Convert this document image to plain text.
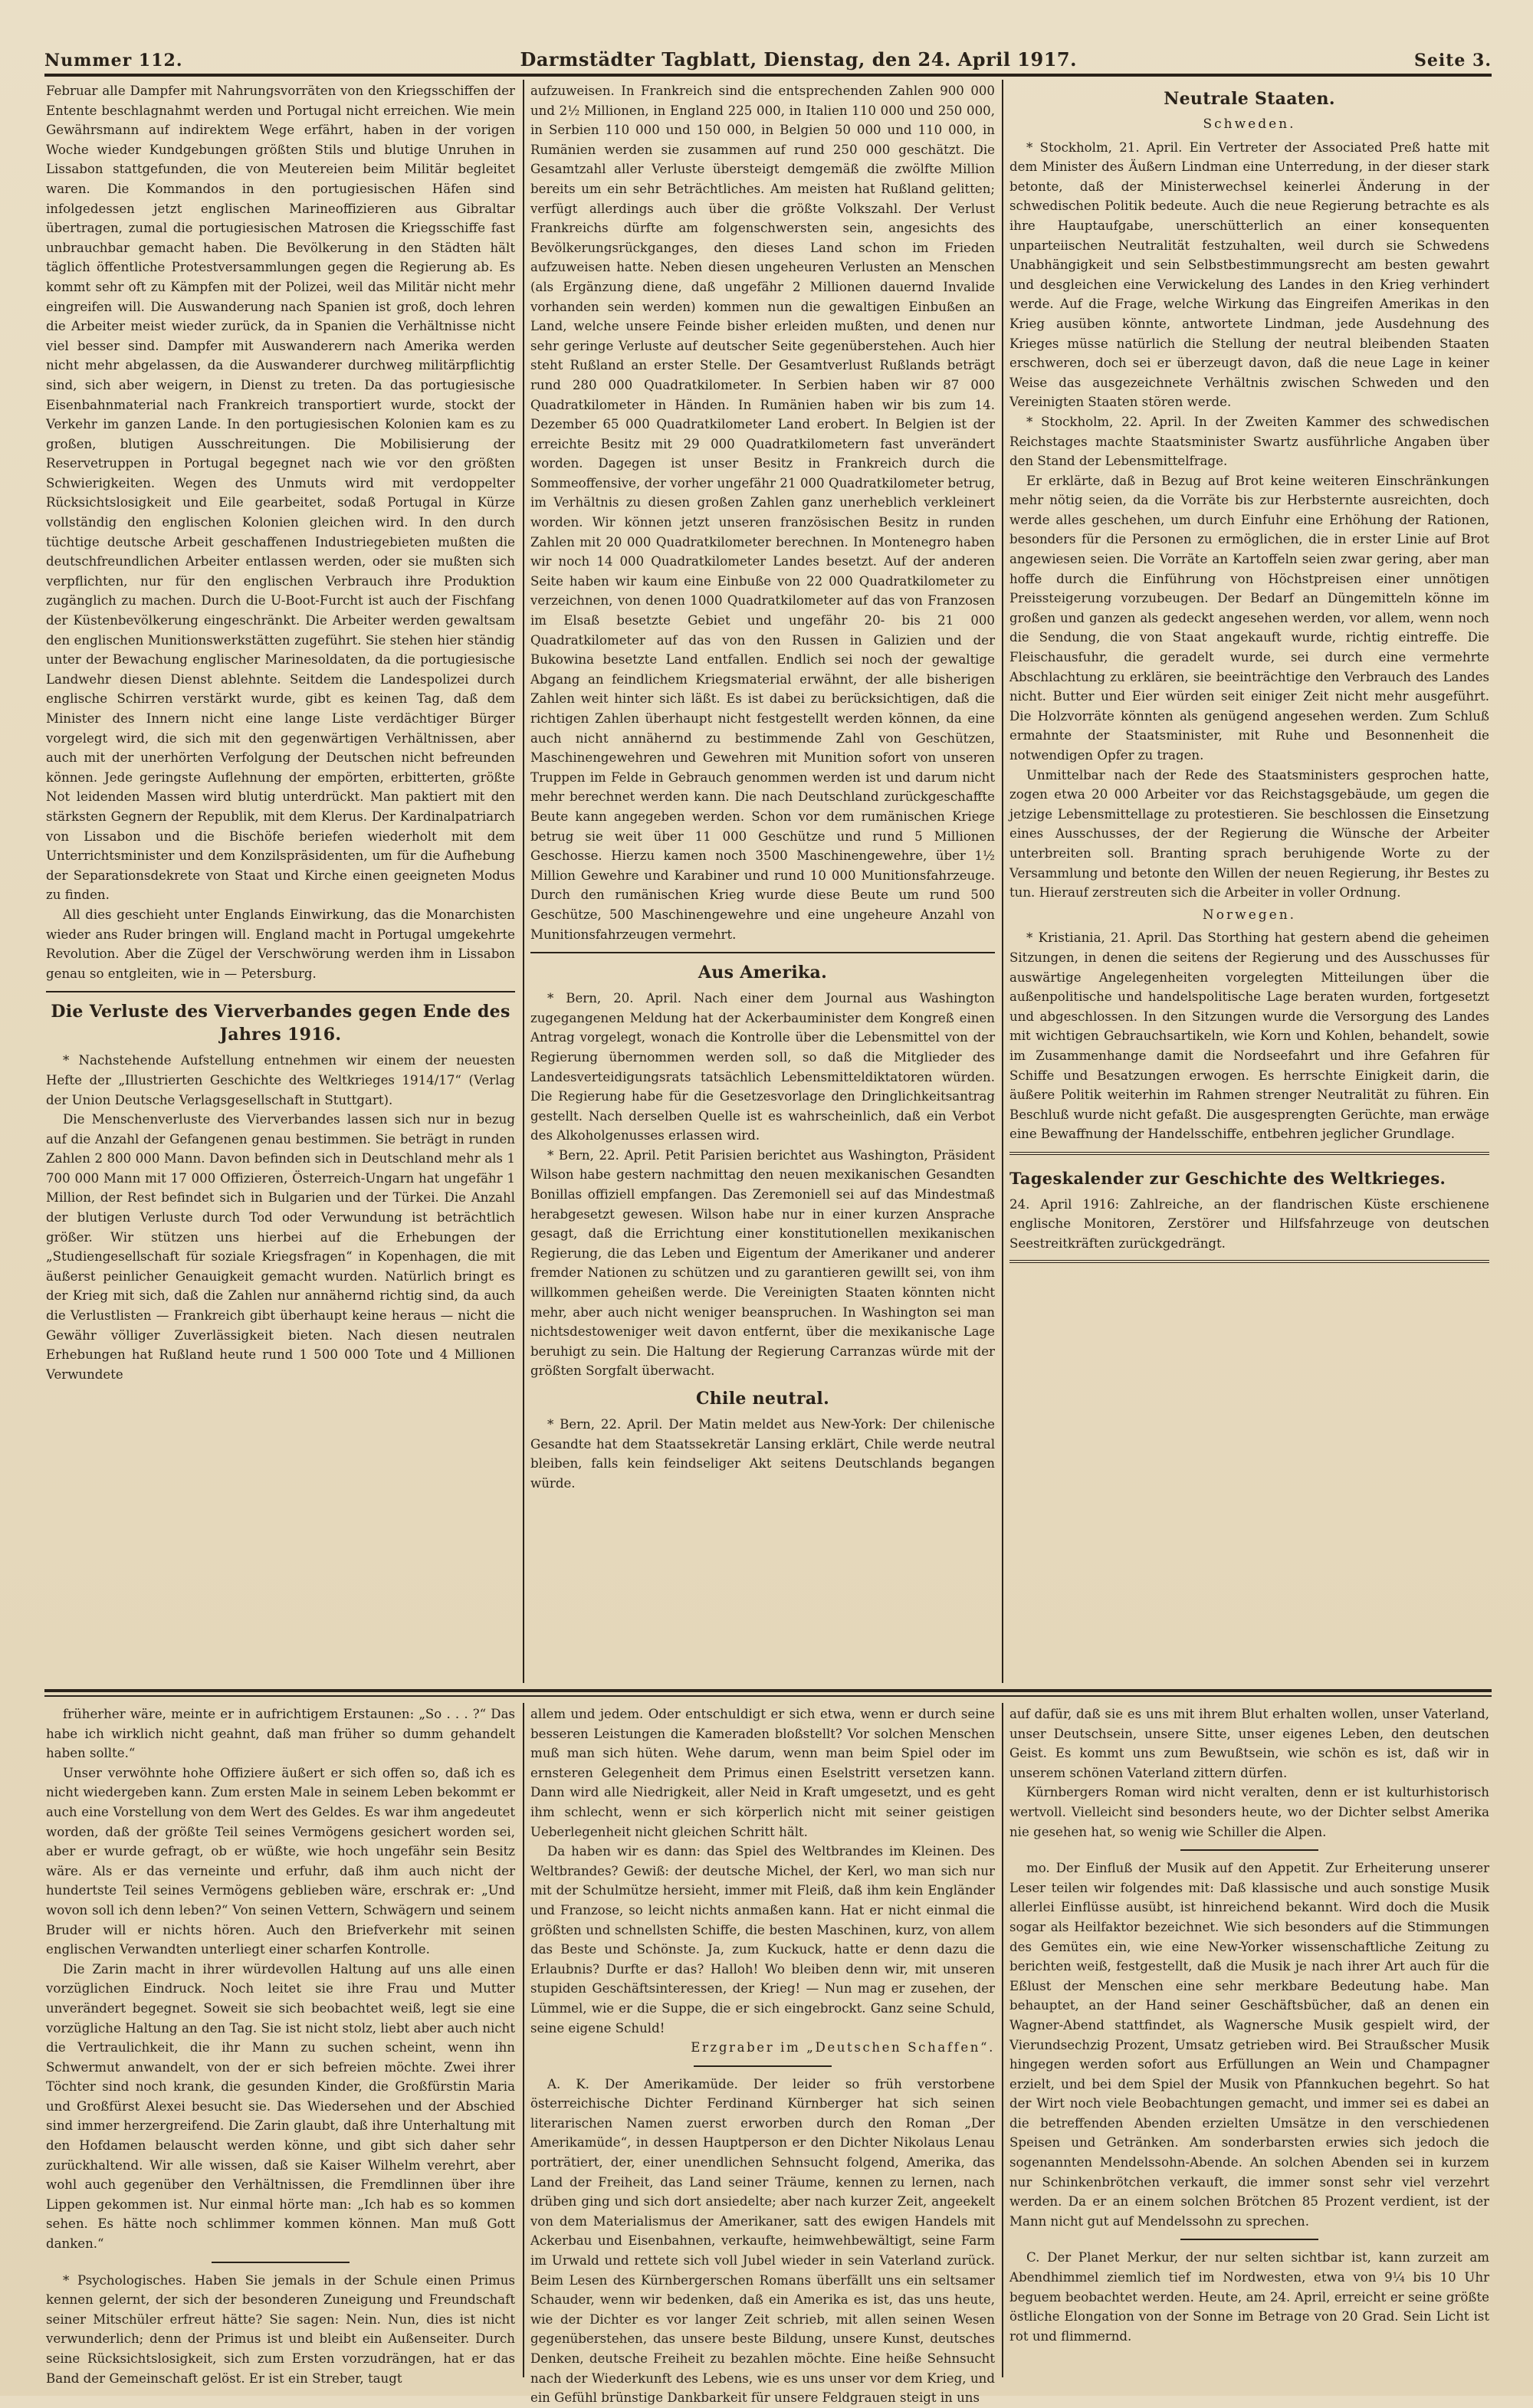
Nummer 112.	Darmstädter Tagblatt, Dienstag, den 24. April 1917.	Seite 3.

Februar alle Dampfer mit Nahrungsvorräten von den Kriegsschiffen der Entente beschlagnahmt werden und Portugal nicht erreichen. Wie mein Gewährsmann auf indirektem Wege erfährt, haben in der vorigen Woche wieder Kundgebungen größten Stils und blutige Unruhen in Lissabon stattgefunden, die von Meutereien beim Militär begleitet waren. Die Kommandos in den portugiesischen Häfen sind infolgedessen jetzt englischen Marineoffizieren aus Gibraltar übertragen, zumal die portugiesischen Matrosen die Kriegsschiffe fast unbrauchbar gemacht haben. Die Bevölkerung in den Städten hält täglich öffentliche Protestversammlungen gegen die Regierung ab. Es kommt sehr oft zu Kämpfen mit der Polizei, weil das Militär nicht mehr eingreifen will. Die Auswanderung nach Spanien ist groß, doch lehren die Arbeiter meist wieder zurück, da in Spanien die Verhältnisse nicht viel besser sind. Dampfer mit Auswanderern nach Amerika werden nicht mehr abgelassen, da die Auswanderer durchweg militärpflichtig sind, sich aber weigern, in Dienst zu treten. Da das portugiesische Eisenbahnmaterial nach Frankreich transportiert wurde, stockt der Verkehr im ganzen Lande. In den portugiesischen Kolonien kam es zu großen, blutigen Ausschreitungen. Die Mobilisierung der Reservetruppen in Portugal begegnet nach wie vor den größten Schwierigkeiten. Wegen des Unmuts wird mit verdoppelter Rücksichtslosigkeit und Eile gearbeitet, sodaß Portugal in Kürze vollständig den englischen Kolonien gleichen wird. In den durch tüchtige deutsche Arbeit geschaffenen Industriegebieten mußten die deutschfreundlichen Arbeiter entlassen werden, oder sie mußten sich verpflichten, nur für den englischen Verbrauch ihre Produktion zugänglich zu machen. Durch die U-Boot-Furcht ist auch der Fischfang der Küstenbevölkerung eingeschränkt. Die Arbeiter werden gewaltsam den englischen Munitionswerkstätten zugeführt. Sie stehen hier ständig unter der Bewachung englischer Marinesoldaten, da die portugiesische Landwehr diesen Dienst ablehnte. Seitdem die Landespolizei durch englische Schirren verstärkt wurde, gibt es keinen Tag, daß dem Minister des Innern nicht eine lange Liste verdächtiger Bürger vorgelegt wird, die sich mit den gegenwärtigen Verhältnissen, aber auch mit der unerhörten Verfolgung der Deutschen nicht befreunden können. Jede geringste Auflehnung der empörten, erbitterten, größte Not leidenden Massen wird blutig unterdrückt. Man paktiert mit den stärksten Gegnern der Republik, mit dem Klerus. Der Kardinalpatriarch von Lissabon und die Bischöfe beriefen wiederholt mit dem Unterrichtsminister und dem Konzilspräsidenten, um für die Aufhebung der Separationsdekrete von Staat und Kirche einen geeigneten Modus zu finden.

All dies geschieht unter Englands Einwirkung, das die Monarchisten wieder ans Ruder bringen will. England macht in Portugal umgekehrte Revolution. Aber die Zügel der Verschwörung werden ihm in Lissabon genau so entgleiten, wie in — Petersburg.

Die Verluste des Vierverbandes gegen Ende des Jahres 1916.

* Nachstehende Aufstellung entnehmen wir einem der neuesten Hefte der „Illustrierten Geschichte des Weltkrieges 1914/17“ (Verlag der Union Deutsche Verlagsgesellschaft in Stuttgart).

Die Menschenverluste des Vierverbandes lassen sich nur in bezug auf die Anzahl der Gefangenen genau bestimmen. Sie beträgt in runden Zahlen 2 800 000 Mann. Davon befinden sich in Deutschland mehr als 1 700 000 Mann mit 17 000 Offizieren, Österreich-Ungarn hat ungefähr 1 Million, der Rest befindet sich in Bulgarien und der Türkei. Die Anzahl der blutigen Verluste durch Tod oder Verwundung ist beträchtlich größer. Wir stützen uns hierbei auf die Erhebungen der „Studiengesellschaft für soziale Kriegsfragen“ in Kopenhagen, die mit äußerst peinlicher Genauigkeit gemacht wurden. Natürlich bringt es der Krieg mit sich, daß die Zahlen nur annähernd richtig sind, da auch die Verlustlisten — Frankreich gibt überhaupt keine heraus — nicht die Gewähr völliger Zuverlässigkeit bieten. Nach diesen neutralen Erhebungen hat Rußland heute rund 1 500 000 Tote und 4 Millionen Verwundete

aufzuweisen. In Frankreich sind die entsprechenden Zahlen 900 000 und 2½ Millionen, in England 225 000, in Italien 110 000 und 250 000, in Serbien 110 000 und 150 000, in Belgien 50 000 und 110 000, in Rumänien werden sie zusammen auf rund 250 000 geschätzt. Die Gesamtzahl aller Verluste übersteigt demgemäß die zwölfte Million bereits um ein sehr Beträchtliches. Am meisten hat Rußland gelitten; verfügt allerdings auch über die größte Volkszahl. Der Verlust Frankreichs dürfte am folgenschwersten sein, angesichts des Bevölkerungsrückganges, den dieses Land schon im Frieden aufzuweisen hatte. Neben diesen ungeheuren Verlusten an Menschen (als Ergänzung diene, daß ungefähr 2 Millionen dauernd Invalide vorhanden sein werden) kommen nun die gewaltigen Einbußen an Land, welche unsere Feinde bisher erleiden mußten, und denen nur sehr geringe Verluste auf deutscher Seite gegenüberstehen. Auch hier steht Rußland an erster Stelle. Der Gesamtverlust Rußlands beträgt rund 280 000 Quadratkilometer. In Serbien haben wir 87 000 Quadratkilometer in Händen. In Rumänien haben wir bis zum 14. Dezember 65 000 Quadratkilometer Land erobert. In Belgien ist der erreichte Besitz mit 29 000 Quadratkilometern fast unverändert worden. Dagegen ist unser Besitz in Frankreich durch die Sommeoffensive, der vorher ungefähr 21 000 Quadratkilometer betrug, im Verhältnis zu diesen großen Zahlen ganz unerheblich verkleinert worden. Wir können jetzt unseren französischen Besitz in runden Zahlen mit 20 000 Quadratkilometer berechnen. In Montenegro haben wir noch 14 000 Quadratkilometer Landes besetzt. Auf der anderen Seite haben wir kaum eine Einbuße von 22 000 Quadratkilometer zu verzeichnen, von denen 1000 Quadratkilometer auf das von Franzosen im Elsaß besetzte Gebiet und ungefähr 20- bis 21 000 Quadratkilometer auf das von den Russen in Galizien und der Bukowina besetzte Land entfallen. Endlich sei noch der gewaltige Abgang an feindlichem Kriegsmaterial erwähnt, der alle bisherigen Zahlen weit hinter sich läßt. Es ist dabei zu berücksichtigen, daß die richtigen Zahlen überhaupt nicht festgestellt werden können, da eine auch nicht annähernd zu bestimmende Zahl von Geschützen, Maschinengewehren und Gewehren mit Munition sofort von unseren Truppen im Felde in Gebrauch genommen werden ist und darum nicht mehr berechnet werden kann. Die nach Deutschland zurückgeschaffte Beute kann angegeben werden. Schon vor dem rumänischen Kriege betrug sie weit über 11 000 Geschütze und rund 5 Millionen Geschosse. Hierzu kamen noch 3500 Maschinengewehre, über 1½ Million Gewehre und Karabiner und rund 10 000 Munitionsfahrzeuge. Durch den rumänischen Krieg wurde diese Beute um rund 500 Geschütze, 500 Maschinengewehre und eine ungeheure Anzahl von Munitionsfahrzeugen vermehrt.

Aus Amerika.

* Bern, 20. April. Nach einer dem Journal aus Washington zugegangenen Meldung hat der Ackerbauminister dem Kongreß einen Antrag vorgelegt, wonach die Kontrolle über die Lebensmittel von der Regierung übernommen werden soll, so daß die Mitglieder des Landesverteidigungsrats tatsächlich Lebensmitteldiktatoren würden. Die Regierung habe für die Gesetzesvorlage den Dringlichkeitsantrag gestellt. Nach derselben Quelle ist es wahrscheinlich, daß ein Verbot des Alkoholgenusses erlassen wird.

* Bern, 22. April. Petit Parisien berichtet aus Washington, Präsident Wilson habe gestern nachmittag den neuen mexikanischen Gesandten Bonillas offiziell empfangen. Das Zeremoniell sei auf das Mindestmaß herabgesetzt gewesen. Wilson habe nur in einer kurzen Ansprache gesagt, daß die Errichtung einer konstitutionellen mexikanischen Regierung, die das Leben und Eigentum der Amerikaner und anderer fremder Nationen zu schützen und zu garantieren gewillt sei, von ihm willkommen geheißen werde. Die Vereinigten Staaten könnten nicht mehr, aber auch nicht weniger beanspruchen. In Washington sei man nichtsdestoweniger weit davon entfernt, über die mexikanische Lage beruhigt zu sein. Die Haltung der Regierung Carranzas würde mit der größten Sorgfalt überwacht.

Chile neutral.

* Bern, 22. April. Der Matin meldet aus New-York: Der chilenische Gesandte hat dem Staatssekretär Lansing erklärt, Chile werde neutral bleiben, falls kein feindseliger Akt seitens Deutschlands begangen würde.

Neutrale Staaten.
Schweden.

* Stockholm, 21. April. Ein Vertreter der Associated Preß hatte mit dem Minister des Äußern Lindman eine Unterredung, in der dieser stark betonte, daß der Ministerwechsel keinerlei Änderung in der schwedischen Politik bedeute. Auch die neue Regierung betrachte es als ihre Hauptaufgabe, unerschütterlich an einer konsequenten unparteiischen Neutralität festzuhalten, weil durch sie Schwedens Unabhängigkeit und sein Selbstbestimmungsrecht am besten gewahrt und desgleichen eine Verwickelung des Landes in den Krieg verhindert werde. Auf die Frage, welche Wirkung das Eingreifen Amerikas in den Krieg ausüben könnte, antwortete Lindman, jede Ausdehnung des Krieges müsse natürlich die Stellung der neutral bleibenden Staaten erschweren, doch sei er überzeugt davon, daß die neue Lage in keiner Weise das ausgezeichnete Verhältnis zwischen Schweden und den Vereinigten Staaten stören werde.

* Stockholm, 22. April. In der Zweiten Kammer des schwedischen Reichstages machte Staatsminister Swartz ausführliche Angaben über den Stand der Lebensmittelfrage.

Er erklärte, daß in Bezug auf Brot keine weiteren Einschränkungen mehr nötig seien, da die Vorräte bis zur Herbsternte ausreichten, doch werde alles geschehen, um durch Einfuhr eine Erhöhung der Rationen, besonders für die Personen zu ermöglichen, die in erster Linie auf Brot angewiesen seien. Die Vorräte an Kartoffeln seien zwar gering, aber man hoffe durch die Einführung von Höchstpreisen einer unnötigen Preissteigerung vorzubeugen. Der Bedarf an Düngemitteln könne im großen und ganzen als gedeckt angesehen werden, vor allem, wenn noch die Sendung, die von Staat angekauft wurde, richtig eintreffe. Die Fleischausfuhr, die geradelt wurde, sei durch eine vermehrte Abschlachtung zu erklären, sie beeinträchtige den Verbrauch des Landes nicht. Butter und Eier würden seit einiger Zeit nicht mehr ausgeführt. Die Holzvorräte könnten als genügend angesehen werden. Zum Schluß ermahnte der Staatsminister, mit Ruhe und Besonnenheit die notwendigen Opfer zu tragen.

Unmittelbar nach der Rede des Staatsministers gesprochen hatte, zogen etwa 20 000 Arbeiter vor das Reichstagsgebäude, um gegen die jetzige Lebensmittellage zu protestieren. Sie beschlossen die Einsetzung eines Ausschusses, der der Regierung die Wünsche der Arbeiter unterbreiten soll. Branting sprach beruhigende Worte zu der Versammlung und betonte den Willen der neuen Regierung, ihr Bestes zu tun. Hierauf zerstreuten sich die Arbeiter in voller Ordnung.

Norwegen.

* Kristiania, 21. April. Das Storthing hat gestern abend die geheimen Sitzungen, in denen die seitens der Regierung und des Ausschusses für auswärtige Angelegenheiten vorgelegten Mitteilungen über die außenpolitische und handelspolitische Lage beraten wurden, fortgesetzt und abgeschlossen. In den Sitzungen wurde die Versorgung des Landes mit wichtigen Gebrauchsartikeln, wie Korn und Kohlen, behandelt, sowie im Zusammenhange damit die Nordseefahrt und ihre Gefahren für Schiffe und Besatzungen erwogen. Es herrschte Einigkeit darin, die äußere Politik weiterhin im Rahmen strenger Neutralität zu führen. Ein Beschluß wurde nicht gefaßt. Die ausgesprengten Gerüchte, man erwäge eine Bewaffnung der Handelsschiffe, entbehren jeglicher Grundlage.

Tageskalender zur Geschichte des Weltkrieges.

24. April 1916: Zahlreiche, an der flandrischen Küste erschienene englische Monitoren, Zerstörer und Hilfsfahrzeuge von deutschen Seestreitkräften zurückgedrängt.

früherher wäre, meinte er in aufrichtigem Erstaunen: „So . . . ?“ Das habe ich wirklich nicht geahnt, daß man früher so dumm gehandelt haben sollte.“

Unser verwöhnte hohe Offiziere äußert er sich offen so, daß ich es nicht wiedergeben kann. Zum ersten Male in seinem Leben bekommt er auch eine Vorstellung von dem Wert des Geldes. Es war ihm angedeutet worden, daß der größte Teil seines Vermögens gesichert worden sei, aber er wurde gefragt, ob er wüßte, wie hoch ungefähr sein Besitz wäre. Als er das verneinte und erfuhr, daß ihm auch nicht der hundertste Teil seines Vermögens geblieben wäre, erschrak er: „Und wovon soll ich denn leben?“ Von seinen Vettern, Schwägern und seinem Bruder will er nichts hören. Auch den Briefverkehr mit seinen englischen Verwandten unterliegt einer scharfen Kontrolle.

Die Zarin macht in ihrer würdevollen Haltung auf uns alle einen vorzüglichen Eindruck. Noch leitet sie ihre Frau und Mutter unverändert begegnet. Soweit sie sich beobachtet weiß, legt sie eine vorzügliche Haltung an den Tag. Sie ist nicht stolz, liebt aber auch nicht die Vertraulichkeit, die ihr Mann zu suchen scheint, wenn ihn Schwermut anwandelt, von der er sich befreien möchte. Zwei ihrer Töchter sind noch krank, die gesunden Kinder, die Großfürstin Maria und Großfürst Alexei besucht sie. Das Wiedersehen und der Abschied sind immer herzergreifend. Die Zarin glaubt, daß ihre Unterhaltung mit den Hofdamen belauscht werden könne, und gibt sich daher sehr zurückhaltend. Wir alle wissen, daß sie Kaiser Wilhelm verehrt, aber wohl auch gegenüber den Verhältnissen, die Fremdlinnen über ihre Lippen gekommen ist. Nur einmal hörte man: „Ich hab es so kommen sehen. Es hätte noch schlimmer kommen können. Man muß Gott danken.“

* Psychologisches. Haben Sie jemals in der Schule einen Primus kennen gelernt, der sich der besonderen Zuneigung und Freundschaft seiner Mitschüler erfreut hätte? Sie sagen: Nein. Nun, dies ist nicht verwunderlich; denn der Primus ist und bleibt ein Außenseiter. Durch seine Rücksichtslosigkeit, sich zum Ersten vorzudrängen, hat er das Band der Gemeinschaft gelöst. Er ist ein Streber, taugt

allem und jedem. Oder entschuldigt er sich etwa, wenn er durch seine besseren Leistungen die Kameraden bloßstellt? Vor solchen Menschen muß man sich hüten. Wehe darum, wenn man beim Spiel oder im ernsteren Gelegenheit dem Primus einen Eselstritt versetzen kann. Dann wird alle Niedrigkeit, aller Neid in Kraft umgesetzt, und es geht ihm schlecht, wenn er sich körperlich nicht mit seiner geistigen Ueberlegenheit nicht gleichen Schritt hält.

Da haben wir es dann: das Spiel des Weltbrandes im Kleinen. Des Weltbrandes? Gewiß: der deutsche Michel, der Kerl, wo man sich nur mit der Schulmütze hersieht, immer mit Fleiß, daß ihm kein Engländer und Franzose, so leicht nichts anmaßen kann. Hat er nicht einmal die größten und schnellsten Schiffe, die besten Maschinen, kurz, von allem das Beste und Schönste. Ja, zum Kuckuck, hatte er denn dazu die Erlaubnis? Durfte er das? Halloh! Wo bleiben denn wir, mit unseren stupiden Geschäftsinteressen, der Krieg! — Nun mag er zusehen, der Lümmel, wie er die Suppe, die er sich eingebrockt. Ganz seine Schuld, seine eigene Schuld!

Erzgraber im „Deutschen Schaffen“.

A. K. Der Amerikamüde. Der leider so früh verstorbene österreichische Dichter Ferdinand Kürnberger hat sich seinen literarischen Namen zuerst erworben durch den Roman „Der Amerikamüde“, in dessen Hauptperson er den Dichter Nikolaus Lenau porträtiert, der, einer unendlichen Sehnsucht folgend, Amerika, das Land der Freiheit, das Land seiner Träume, kennen zu lernen, nach drüben ging und sich dort ansiedelte; aber nach kurzer Zeit, angeekelt von dem Materialismus der Amerikaner, satt des ewigen Handels mit Ackerbau und Eisenbahnen, verkaufte, heimwehbewältigt, seine Farm im Urwald und rettete sich voll Jubel wieder in sein Vaterland zurück. Beim Lesen des Kürnbergerschen Romans überfällt uns ein seltsamer Schauder, wenn wir bedenken, daß ein Amerika es ist, das uns heute, wie der Dichter es vor langer Zeit schrieb, mit allen seinen Wesen gegenüberstehen, das unsere beste Bildung, unsere Kunst, deutsches Denken, deutsche Freiheit zu bezahlen möchte. Eine heiße Sehnsucht nach der Wiederkunft des Lebens, wie es uns unser vor dem Krieg, und ein Gefühl brünstige Dankbarkeit für unsere Feldgrauen steigt in uns

auf dafür, daß sie es uns mit ihrem Blut erhalten wollen, unser Vaterland, unser Deutschsein, unsere Sitte, unser eigenes Leben, den deutschen Geist. Es kommt uns zum Bewußtsein, wie schön es ist, daß wir in unserem schönen Vaterland zittern dürfen.

Kürnbergers Roman wird nicht veralten, denn er ist kulturhistorisch wertvoll. Vielleicht sind besonders heute, wo der Dichter selbst Amerika nie gesehen hat, so wenig wie Schiller die Alpen.

mo. Der Einfluß der Musik auf den Appetit. Zur Erheiterung unserer Leser teilen wir folgendes mit: Daß klassische und auch sonstige Musik allerlei Einflüsse ausübt, ist hinreichend bekannt. Wird doch die Musik sogar als Heilfaktor bezeichnet. Wie sich besonders auf die Stimmungen des Gemütes ein, wie eine New-Yorker wissenschaftliche Zeitung zu berichten weiß, festgestellt, daß die Musik je nach ihrer Art auch für die Eßlust der Menschen eine sehr merkbare Bedeutung habe. Man behauptet, an der Hand seiner Geschäftsbücher, daß an denen ein Wagner-Abend stattfindet, als Wagnersche Musik gespielt wird, der Vierundsechzig Prozent, Umsatz getrieben wird. Bei Straußscher Musik hingegen werden sofort aus Erfüllungen an Wein und Champagner erzielt, und bei dem Spiel der Musik von Pfannkuchen begehrt. So hat der Wirt noch viele Beobachtungen gemacht, und immer sei es dabei an die betreffenden Abenden erzielten Umsätze in den verschiedenen Speisen und Getränken. Am sonderbarsten erwies sich jedoch die sogenannten Mendelssohn-Abende. An solchen Abenden sei in kurzem nur Schinkenbrötchen verkauft, die immer sonst sehr viel verzehrt werden. Da er an einem solchen Brötchen 85 Prozent verdient, ist der Mann nicht gut auf Mendelssohn zu sprechen.

C. Der Planet Merkur, der nur selten sichtbar ist, kann zurzeit am Abendhimmel ziemlich tief im Nordwesten, etwa von 9¼ bis 10 Uhr beguem beobachtet werden. Heute, am 24. April, erreicht er seine größte östliche Elongation von der Sonne im Betrage von 20 Grad. Sein Licht ist rot und flimmernd.
